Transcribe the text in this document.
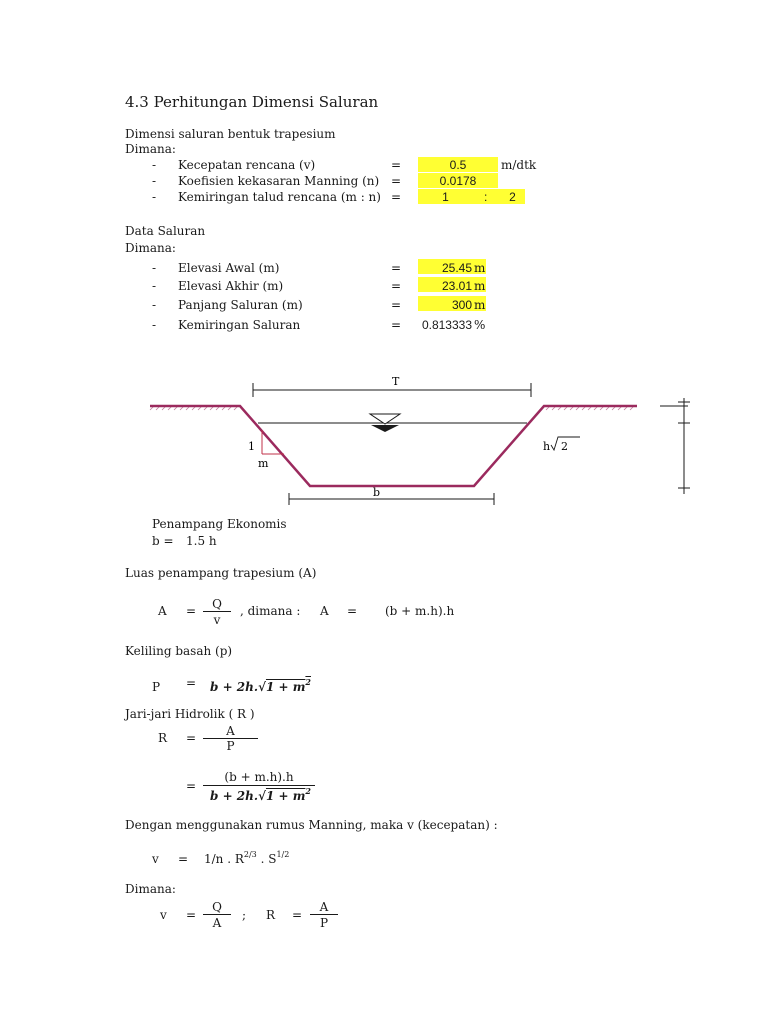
4.3 Perhitungan Dimensi Saluran
Dimensi saluran bentuk trapesium
Dimana:
- Kecepatan rencana (v)	=	0.5	m/dtk
- Koefisien kekasaran Manning (n) =	0.0178
- Kemiringan talud rencana (m : n) =	1	:	2
Data Saluran
Dimana:
- Elevasi Awal (m)	=	25.45 m
- Elevasi Akhir (m)	=	23.01 m
- Panjang Saluran (m)	=	300 m
- Kemiringan Saluran	=	0.813333 %
T
1
m
b
h 2
Penampang Ekonomis
b = 1.5 h
Luas penampang trapesium (A)
A =	Q
v
, dimana : A = (b + m.h).h
Keliling basah (p)
$P = b + 2h.√1 + m^2$
Jari-jari Hidrolik ( R )
R =	A
P
=
(b + m.h).h
$b + 2h.√1 + m^2$
Dengan menggunakan rumus Manning, maka v (kecepatan) :
v = 1/n . $R^{2/3}$ . $S^{1/2}$
Dimana:
v =
Q
A
; R =
A
P
